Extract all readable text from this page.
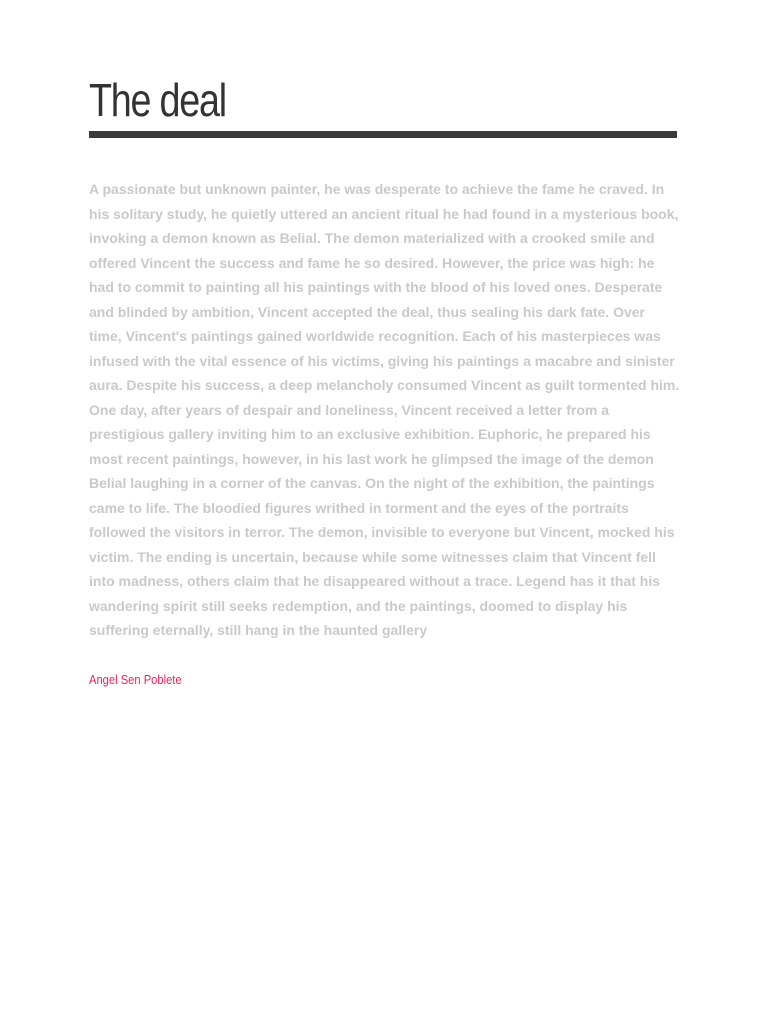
The deal

A passionate but unknown painter, he was desperate to achieve the fame he craved. In his solitary study, he quietly uttered an ancient ritual he had found in a mysterious book, invoking a demon known as Belial. The demon materialized with a crooked smile and offered Vincent the success and fame he so desired. However, the price was high: he had to commit to painting all his paintings with the blood of his loved ones. Desperate and blinded by ambition, Vincent accepted the deal, thus sealing his dark fate. Over time, Vincent's paintings gained worldwide recognition. Each of his masterpieces was infused with the vital essence of his victims, giving his paintings a macabre and sinister aura. Despite his success, a deep melancholy consumed Vincent as guilt tormented him. One day, after years of despair and loneliness, Vincent received a letter from a prestigious gallery inviting him to an exclusive exhibition. Euphoric, he prepared his most recent paintings, however, in his last work he glimpsed the image of the demon Belial laughing in a corner of the canvas. On the night of the exhibition, the paintings came to life. The bloodied figures writhed in torment and the eyes of the portraits followed the visitors in terror. The demon, invisible to everyone but Vincent, mocked his victim. The ending is uncertain, because while some witnesses claim that Vincent fell into madness, others claim that he disappeared without a trace. Legend has it that his wandering spirit still seeks redemption, and the paintings, doomed to display his suffering eternally, still hang in the haunted gallery

Angel Sen Poblete
